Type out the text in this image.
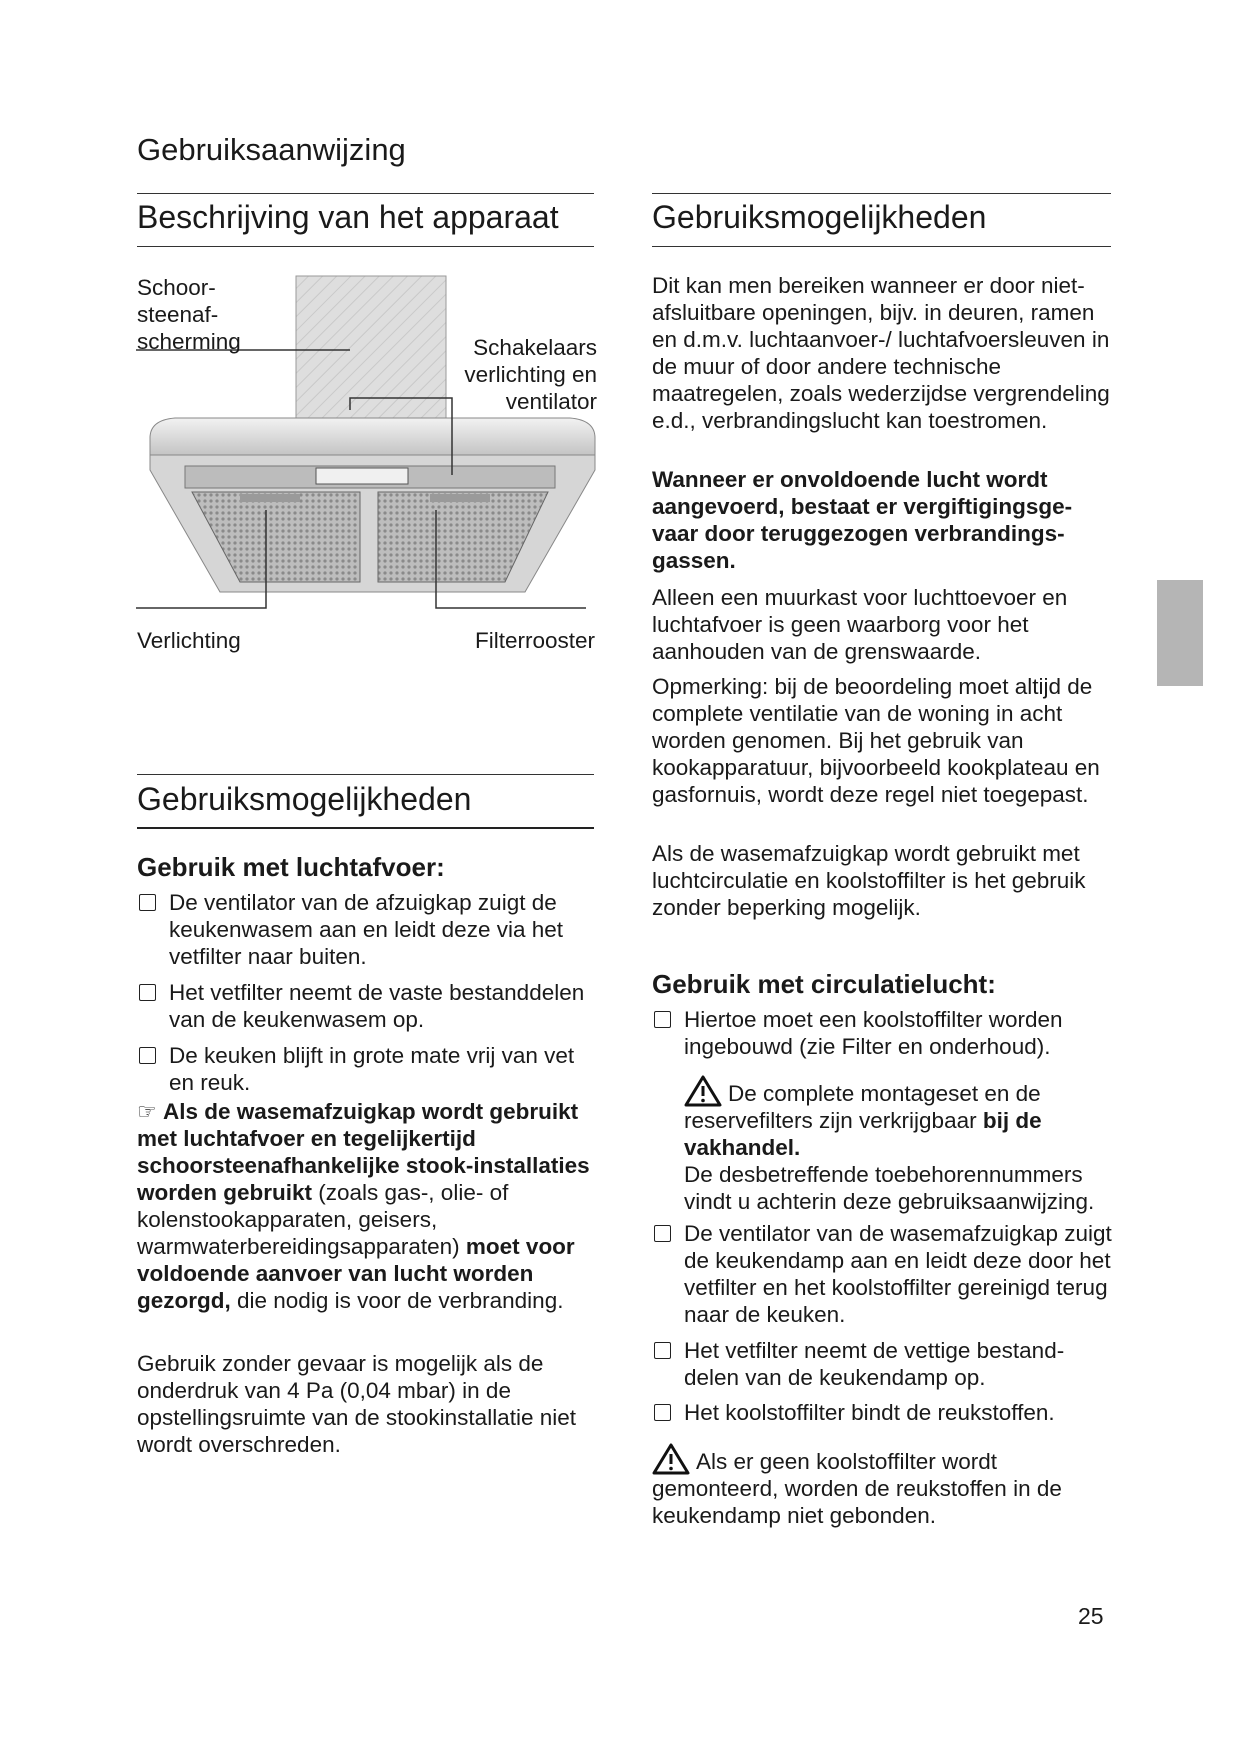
Gebruiksaanwijzing
Beschrijving van het apparaat
Schoor-
steenaf-
scherming	Schakelaars
verlichting en
ventilator
Verlichting	Filterrooster
Gebruiksmogelijkheden
Gebruik met luchtafvoer:
De ventilator van de afzuigkap zuigt de keukenwasem aan en leidt deze via het vetfilter naar buiten.
Het vetfilter neemt de vaste bestanddelen van de keukenwasem op.
De keuken blijft in grote mate vrij van vet en reuk.

☞ Als de wasemafzuigkap wordt gebruikt met luchtafvoer en tegelijkertijd schoorsteenafhankelijke stook-installaties worden gebruikt (zoals gas-, olie- of kolenstookapparaten, geisers, warmwaterbereidingsapparaten) moet voor voldoende aanvoer van lucht worden gezorgd, die nodig is voor de verbranding.

Gebruik zonder gevaar is mogelijk als de onderdruk van 4 Pa (0,04 mbar) in de opstellingsruimte van de stookinstallatie niet wordt overschreden.

Gebruiksmogelijkheden

Dit kan men bereiken wanneer er door niet-afsluitbare openingen, bijv. in deuren, ramen en d.m.v. luchtaanvoer-/ luchtafvoersleuven in de muur of door andere technische maatregelen, zoals wederzijdse vergrendeling e.d., verbrandingslucht kan toestromen.

Wanneer er onvoldoende lucht wordt aangevoerd, bestaat er vergiftigingsge-vaar door teruggezogen verbrandings-gassen.

Alleen een muurkast voor luchttoevoer en luchtafvoer is geen waarborg voor het aanhouden van de grenswaarde.

Opmerking: bij de beoordeling moet altijd de complete ventilatie van de woning in acht worden genomen. Bij het gebruik van kookapparatuur, bijvoorbeeld kookplateau en gasfornuis, wordt deze regel niet toegepast.

Als de wasemafzuigkap wordt gebruikt met luchtcirculatie en koolstoffilter is het gebruik zonder beperking mogelijk.

Gebruik met circulatielucht:
Hiertoe moet een koolstoffilter worden ingebouwd (zie Filter en onderhoud).
De complete montageset en de reservefilters zijn verkrijgbaar bij de vakhandel.
De desbetreffende toebehorennummers vindt u achterin deze gebruiksaanwijzing.
De ventilator van de wasemafzuigkap zuigt de keukendamp aan en leidt deze door het vetfilter en het koolstoffilter gereinigd terug naar de keuken.
Het vetfilter neemt de vettige bestand-delen van de keukendamp op.
Het koolstoffilter bindt de reukstoffen.
Als er geen koolstoffilter wordt gemonteerd, worden de reukstoffen in de keukendamp niet gebonden.
25
